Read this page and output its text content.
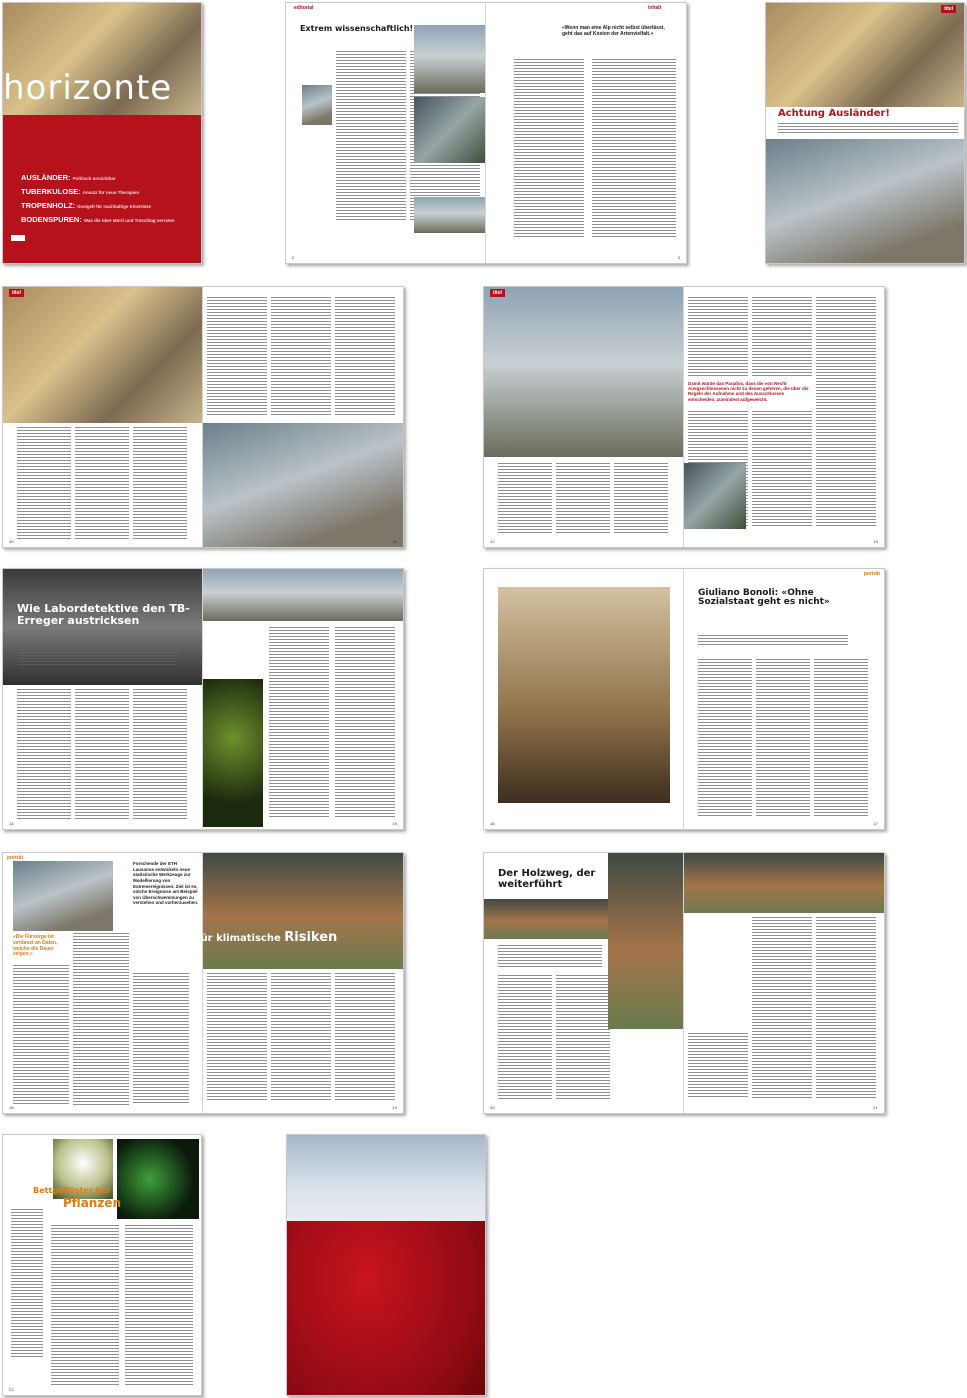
horizonte
AUSLÄNDER: Politisch unsichtbar
TUBERKULOSE: Ansatz für neue Therapien
TROPENHOLZ: Gesigelt für nachhaltige Einsträtze
BODENSPUREN: Was die über Mord und Totschlag verraten
editorial
Extrem wissenschaftlich!
2
inhalt
«Wenn man eine Alp nicht selbst überlässt, geht das auf Kosten der Artenvielfalt.»
3
titel
Achtung Ausländer!
titel
10	11
titel
12
Damit würde das Paradox, dass die von Recht Ausgeschlossenen nicht zu denen gehören, die über die Regeln der Aufnahme und des Ausschlusses entscheiden, zumindest aufgeweicht.
13
Wie Labordetektive den TB-Erreger austricksen
14	15	16
porträt
Giuliano Bonoli: «Ohne Sozialstaat geht es nicht»
17
porträt
«Die Fürsorge ist verdanzt an Daten, welche die Dauer zeigen.»
Forschende der ETH Lausanne entwickeln neue statistische Werkzeuge zur Modellierung von Extremereignissen. Ziel ist es, solche Ereignisse am Beispiel von Überschwemmungen zu verstehen und vorherzusehen.
18	19
Modelle für klimatische Risiken
Der Holzweg, der weiterführt
20	21
Bettgeflüster bei
Pflanzen
22
